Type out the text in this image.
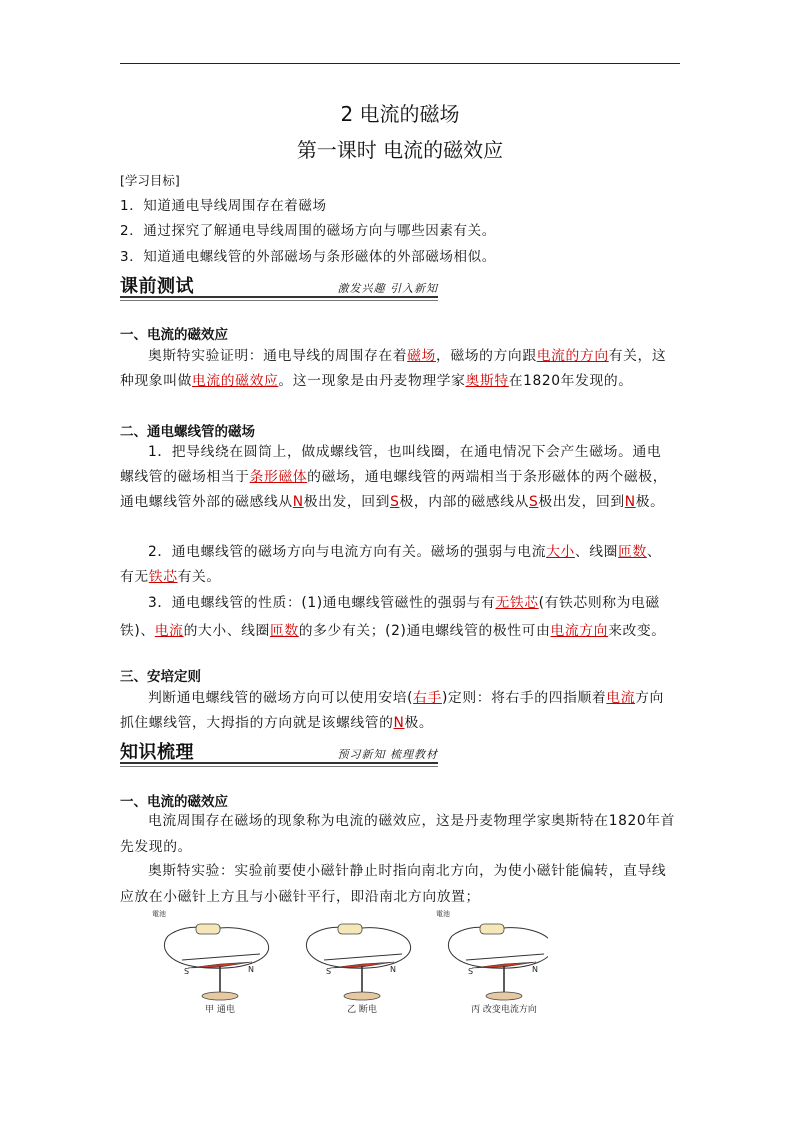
2 电流的磁场
第一课时 电流的磁效应
[学习目标]
1．知道通电导线周围存在着磁场
2．通过探究了解通电导线周围的磁场方向与哪些因素有关。
3．知道通电螺线管的外部磁场与条形磁体的外部磁场相似。
课前测试	激发兴趣 引入新知
一、电流的磁效应

奥斯特实验证明：通电导线的周围存在着磁场，磁场的方向跟电流的方向有关，这种现象叫做电流的磁效应。这一现象是由丹麦物理学家奥斯特在1820年发现的。

二、通电螺线管的磁场

1．把导线绕在圆筒上，做成螺线管，也叫线圈，在通电情况下会产生磁场。通电螺线管的磁场相当于条形磁体的磁场，通电螺线管的两端相当于条形磁体的两个磁极，通电螺线管外部的磁感线从N极出发，回到S极，内部的磁感线从S极出发，回到N极。

2．通电螺线管的磁场方向与电流方向有关。磁场的强弱与电流大小、线圈匝数、有无铁芯有关。

3．通电螺线管的性质：(1)通电螺线管磁性的强弱与有无铁芯(有铁芯则称为电磁铁)、电流的大小、线圈匝数的多少有关；(2)通电螺线管的极性可由电流方向来改变。

三、安培定则

判断通电螺线管的磁场方向可以使用安培(右手)定则：将右手的四指顺着电流方向抓住螺线管，大拇指的方向就是该螺线管的N极。

知识梳理	预习新知 梳理教材
一、电流的磁效应

电流周围存在磁场的现象称为电流的磁效应，这是丹麦物理学家奥斯特在1820年首先发现的。

奥斯特实验：实验前要使小磁针静止时指向南北方向，为使小磁针能偏转，直导线应放在小磁针上方且与小磁针平行，即沿南北方向放置；

S	N
電池
甲 通电
S	N
乙 断电
S	N
電池
丙 改变电流方向
